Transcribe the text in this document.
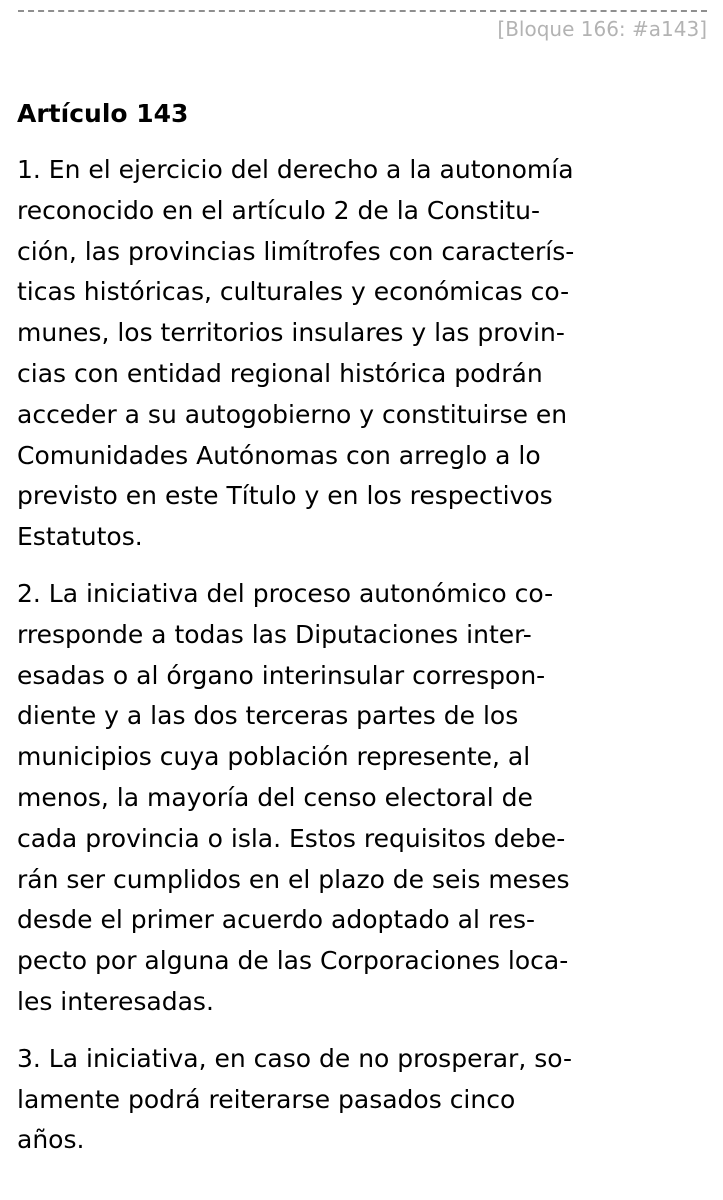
[Bloque 166: #a143]
Artículo 143

1. En el ejercicio del derecho a la autonomía
reconocido en el artículo 2 de la Constitu-
ción, las provincias limítrofes con caracterís-
ticas históricas, culturales y económicas co-
munes, los territorios insulares y las provin-
cias con entidad regional histórica podrán
acceder a su autogobierno y constituirse en
Comunidades Autónomas con arreglo a lo
previsto en este Título y en los respectivos
Estatutos.

2. La iniciativa del proceso autonómico co-
rresponde a todas las Diputaciones inter-
esadas o al órgano interinsular correspon-
diente y a las dos terceras partes de los
municipios cuya población represente, al
menos, la mayoría del censo electoral de
cada provincia o isla. Estos requisitos debe-
rán ser cumplidos en el plazo de seis meses
desde el primer acuerdo adoptado al res-
pecto por alguna de las Corporaciones loca-
les interesadas.

3. La iniciativa, en caso de no prosperar, so-
lamente podrá reiterarse pasados cinco
años.
